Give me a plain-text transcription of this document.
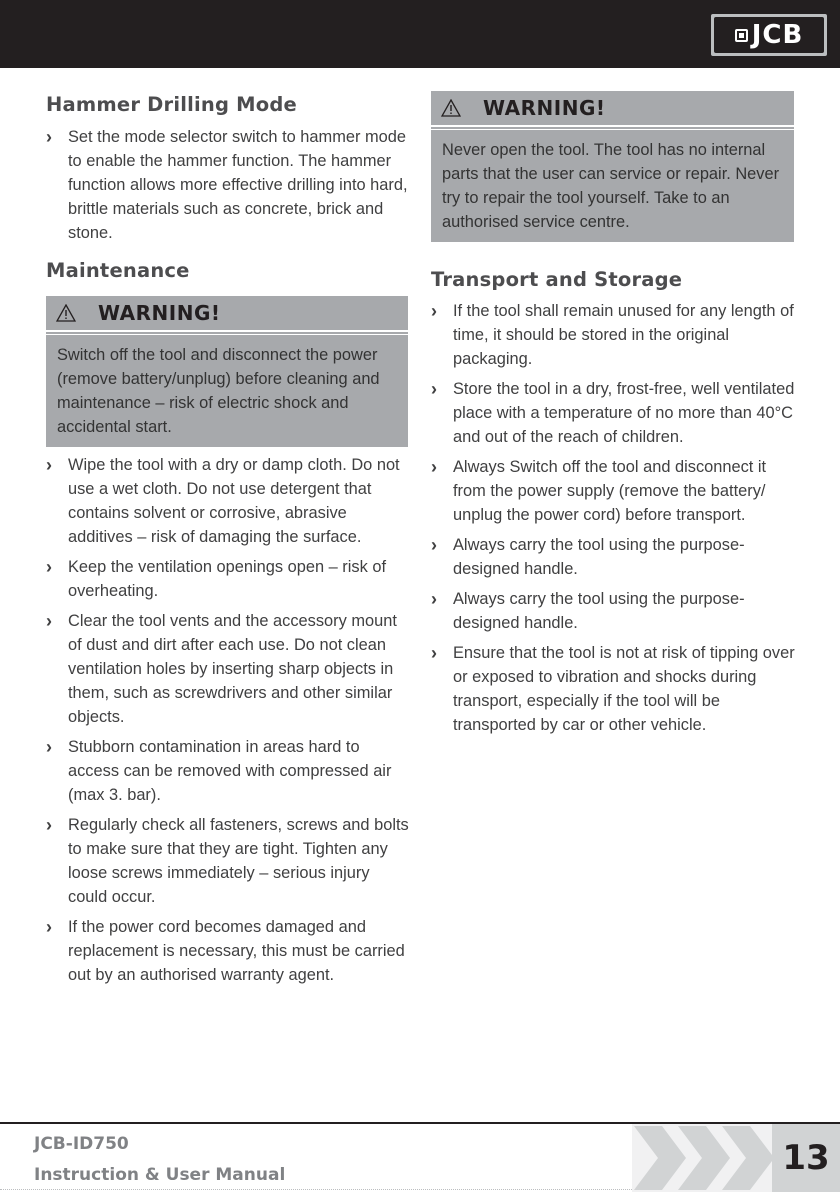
JCB
Hammer Drilling Mode
› Set the mode selector switch to hammer mode to enable the hammer function. The hammer function allows more effective drilling into hard, brittle materials such as concrete, brick and stone.
Maintenance
WARNING!
Switch off the tool and disconnect the power (remove battery/unplug) before cleaning and maintenance – risk of electric shock and accidental start.
› Wipe the tool with a dry or damp cloth. Do not use a wet cloth. Do not use detergent that contains solvent or corrosive, abrasive additives – risk of damaging the surface.
› Keep the ventilation openings open – risk of overheating.
› Clear the tool vents and the accessory mount of dust and dirt after each use. Do not clean ventilation holes by inserting sharp objects in them, such as screwdrivers and other similar objects.
› Stubborn contamination in areas hard to access can be removed with compressed air (max 3. bar).
› Regularly check all fasteners, screws and bolts to make sure that they are tight. Tighten any loose screws immediately – serious injury could occur.
› If the power cord becomes damaged and replacement is necessary, this must be carried out by an authorised warranty agent.
WARNING!
Never open the tool. The tool has no internal parts that the user can service or repair. Never try to repair the tool yourself. Take to an authorised service centre.
Transport and Storage
› If the tool shall remain unused for any length of time, it should be stored in the original packaging.
› Store the tool in a dry, frost-free, well ventilated place with a temperature of no more than 40°C and out of the reach of children.
› Always Switch off the tool and disconnect it from the power supply (remove the battery/ unplug the power cord) before transport.
› Always carry the tool using the purpose-designed handle.
› Always carry the tool using the purpose-designed handle.
› Ensure that the tool is not at risk of tipping over or exposed to vibration and shocks during transport, especially if the tool will be transported by car or other vehicle.
JCB-ID750
Instruction & User Manual	13
